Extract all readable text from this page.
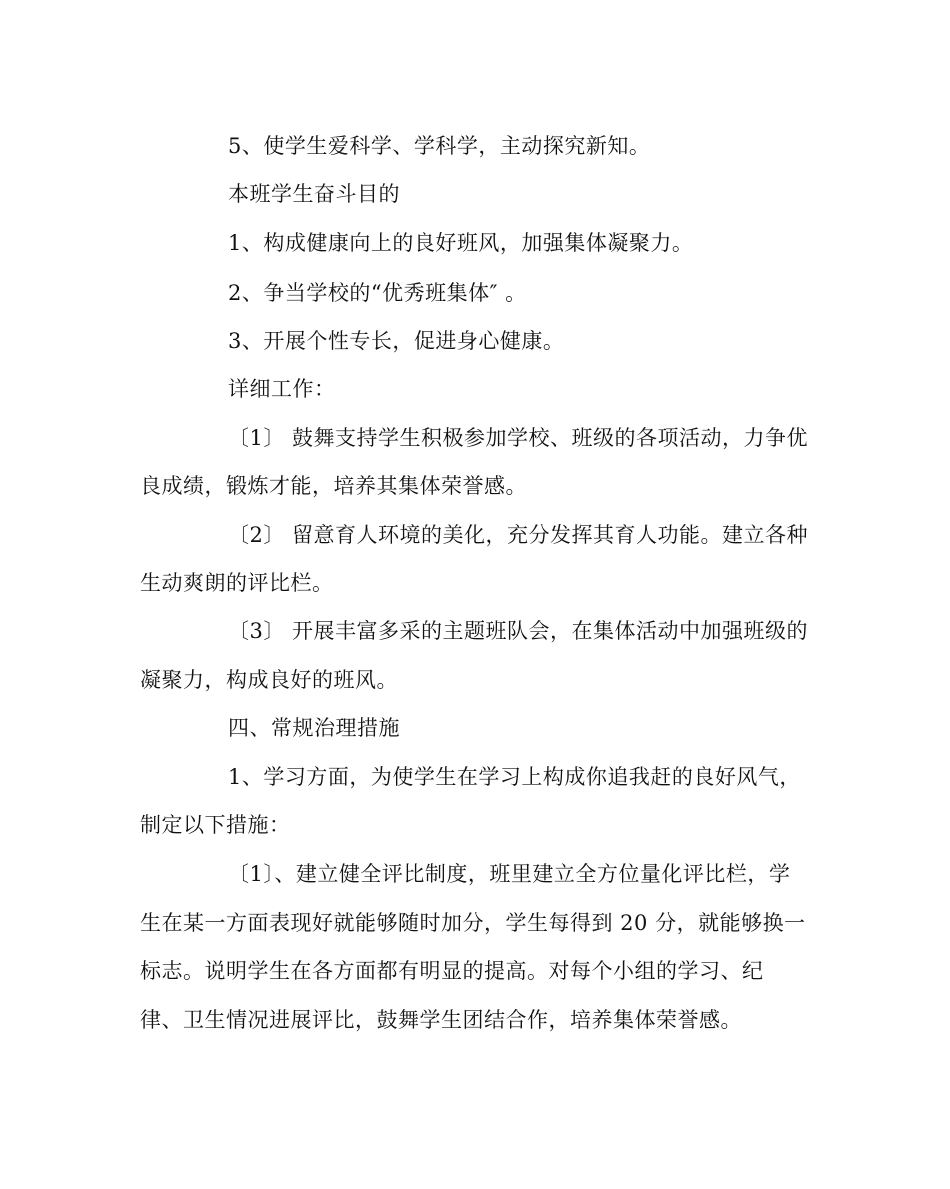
5、使学生爱科学、学科学，主动探究新知。
本班学生奋斗目的
1、构成健康向上的良好班风，加强集体凝聚力。
2、争当学校的“优秀班集体″ 。
3、开展个性专长，促进身心健康。
详细工作：
〔1〕 鼓舞支持学生积极参加学校、班级的各项活动，力争优
良成绩，锻炼才能，培养其集体荣誉感。
〔2〕 留意育人环境的美化，充分发挥其育人功能。建立各种
生动爽朗的评比栏。
〔3〕 开展丰富多采的主题班队会，在集体活动中加强班级的
凝聚力，构成良好的班风。
四、常规治理措施
1、学习方面，为使学生在学习上构成你追我赶的良好风气，
制定以下措施：
〔1〕、建立健全评比制度，班里建立全方位量化评比栏，学
生在某一方面表现好就能够随时加分，学生每得到 20 分，就能够换一
标志。说明学生在各方面都有明显的提高。对每个小组的学习、纪
律、卫生情况进展评比，鼓舞学生团结合作，培养集体荣誉感。
